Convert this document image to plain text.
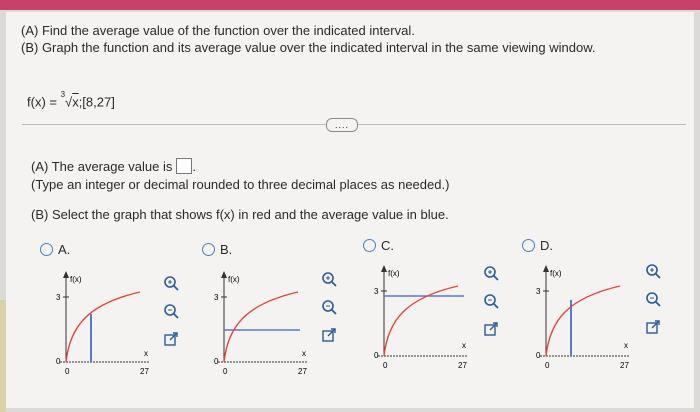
(A) Find the average value of the function over the indicated interval.
(B) Graph the function and its average value over the indicated interval in the same viewing window.
f(x) = $^3$√x;[8,27]
....
(A) The average value is .
(Type an integer or decimal rounded to three decimal places as needed.)
(B) Select the graph that shows f(x) in red and the average value in blue.
A.	B.	C.	D.
f(x)
3
0
0	27
x
f(x)
3
0
0	27
x
f(x)
3
0
0	27
x
f(x)
3
0
0	27
x
